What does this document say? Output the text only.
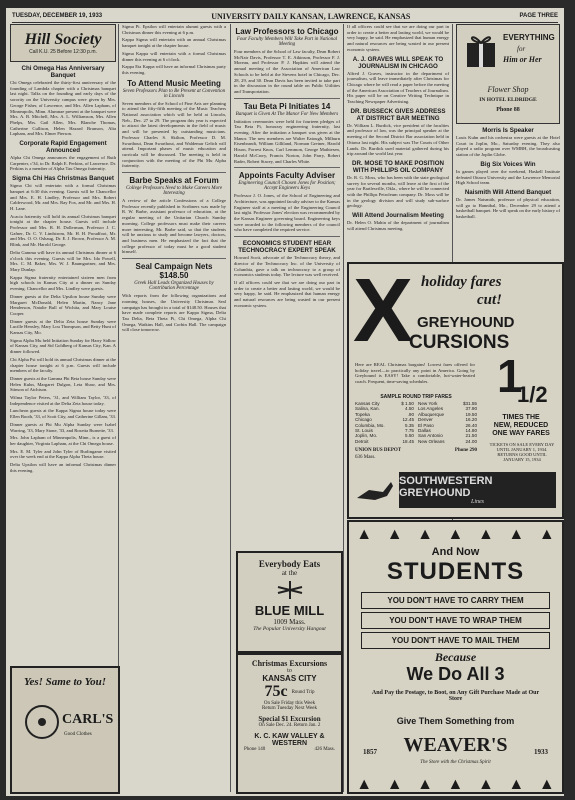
TUESDAY, DECEMBER 19, 1933	UNIVERSITY DAILY KANSAN, LAWRENCE, KANSAS	PAGE THREE
Hill Society
Call K.U. 25 Before 12:30 p.m.
Chi Omega Has Anniversary Banquet

Chi Omega celebrated the thirty-first anniversary of the founding of Lambda chapter with a Christmas banquet last night. Talks on the founding and early days of the sorority on the University campus were given by Mrs. George Fisher, of Lawrence, and Mrs. Allen Lapham, of Minneapolis, Minn. Alumnae present at the banquet were Mrs. A. B. Mitchell, Mrs. A. L. Williamson, Mrs. Allen Phelps, Mrs. Gail Allen, Mrs. Blanche Thomas, Catherine Cullison, Helen Hazard Brunson, Alta Lapham, and Mrs. Elmer Pierson.

Corporate Rapid Engagement Announced

Alpha Chi Omega announces the engagement of Ruth Carpenter, c'34, to Dr. Ralph E. Perkins, of Lawrence. Dr. Perkins is a member of Alpha Tau Omega fraternity.

Sigma Chi Has Christmas Banquet

Sigma Chi will entertain with a formal Christmas banquet at 6:30 this evening. Guests will be Chancellor and Mrs. E. H. Lindley, Professor and Mrs. Robert Calderwood, Mr. and Mrs. Ray Fox, and Mr. and Mrs. H. H. Lane.

Acacia fraternity will hold its annual Christmas banquet tonight at the chapter house. Guests will include Professor and Mrs. R. H. Dollerman, Professor J. C. Gafner, Dr. C. V. Lindstrom, Mr. H. H. Proudfoot, Mr. and Mrs. O. O. Oshaug, Dr. E. J. Brown, Professor A. M. Blink, and Mr. Harold George.

Delta Gamma will have its annual Christmas dinner at 6 o'clock this evening. Guests will be Mrs. Ida Powell, Mrs. C. M. Baker, Mrs. W. J. Baumgartner, and Mrs. Mary Dunlap.

Kappa Sigma fraternity entertained sixteen men from high schools in Kansas City at a dinner on Sunday evening. Chancellor and Mrs. Lindley were guests.

Dinner guests at the Delta Upsilon house Sunday were Margaret McDonald, Helen Martin, Nancy Jane Henderson, Natalie Bull of Wichita, and Mary Louise Cooper.

Dinner guests at the Delta Zeta house Sunday were Lucille Hensley, Mary Lou Thompson, and Betty Hunt of Kansas City, Mo.

Sigma Alpha Mu held Initiation Sunday for Harry Sidlow of Kansas City, and Sid Goldberg of Kansas City, Kan. A dinner followed.

Chi Alpha Psi will hold its annual Christmas dinner at the chapter house tonight at 6 p.m. Guests will include members of the faculty.

Dinner guests at the Gamma Phi Beta house Sunday were Helen Kuhn, Margaret Dulgon, Leta Shaw, and Mrs. Stinson of Atchison.

Wilma Taylor Peters, '31, and William Taylor, '33, of Independence visited at the Delta Zeta house today.

Luncheon guests at the Kappa Sigma house today were Ellen Booth, '33, of Scott City, and Catherine Gillam, '33.

Dinner guests at Phi Mu Alpha Sunday were Isabel Warring, '33, Mary Stone, '33, and Rosetta Burnette, '33.

Mrs. John Lapham of Minneapolis, Minn., is a guest of her daughter, Virginia Lapham, at the Chi Omega house.

Mrs. E. M. Tyler and John Tyler of Burlingame visited over the week end at the Kappa Alpha Theta house.

Delta Upsilon will have an informal Christmas dinner this evening.

Yes! Same to You!
CARL'S
Good Clothes

Sigma Pi. Epsilon will entertain alumni guests with a Christmas dinner this evening at 6 p.m.

Kappa Sigma will entertain with an annual Christmas banquet tonight at the chapter house.

Sigma Kappa will entertain with a formal Christmas dinner this evening at 6 o'clock.

Kappa Eta Kappa will have an informal Christmas party this evening.

To Attend Music Meeting
Seven Professors Plan to Be Present at Convention in Lincoln

Seven members of the School of Fine Arts are planning to attend the fifty-fifth meeting of the Music Teachers National association which will be held at Lincoln, Neb., Dec. 27 to 29. The program this year is expected to attract the latest developments in the field of music and will be presented by outstanding musicians. Professor Charles S. Skilton, Professor D. M. Swarthout, Dean Swarthout, and Waldemar Geltch will attend. Important phases of music education and curricula will be discussed. The meeting is held in conjunction with the meeting of the Phi Mu Alpha fraternity.

Barbe Speaks at Forum
College Professors Need to Make Careers More Interesting

A review of the article Confessions of a College Professor recently published in Scribners was made by R. W. Barbe, assistant professor of education, at the regular meeting of the Unitarian Church Sunday morning. College professors must make their careers more interesting, Mr. Barbe said, so that the students will be anxious to study and become lawyers, doctors, and business men. He emphasized the fact that the college professor of today must be a good student himself.

Seal Campaign Nets $148.50
Greek Hall Leads Organized Houses by Contribution Percentage

With reports from the following organizations and rooming houses, the University Christmas Seal campaign has brought in a total of $148.50. Houses that have made complete reports are Kappa Sigma, Delta Tau Delta, Beta Theta Pi, Chi Omega, Alpha Chi Omega, Watkins Hall, and Corbin Hall. The campaign will close tomorrow.

Everybody Eats
at the
BLUE MILL
1009 Mass.
The Popular University Hangout
Christmas Excursions
to
KANSAS CITY
75c Round Trip
On Sale Friday this Week
Return Tuesday Next Week
Special $1 Excursion
On Sale Dec. 24. Return Jan. 2
K. C. KAW VALLEY & WESTERN
Phone 140	426 Mass.
Law Professors to Chicago
Four Faculty Members Will Take Part in National Meeting

Four members of the School of Law faculty, Dean Robert McNair Davis, Professor T. E. Atkinson, Professor F. J. Moreau, and Professor P. J. Hopkins will attend the annual meeting of the Association of American Law Schools to be held at the Stevens hotel in Chicago, Dec. 28, 29, and 30. Dean Davis has been invited to take part in the discussion in the round table on Public Utilities and Transportation.

Tau Beta Pi Initiates 14
Banquet is Given At The Manor For New Members

Initiation ceremonies were held for fourteen pledges of Tau Beta Pi, honorary engineering fraternity, last evening. After the initiation a banquet was given at the Manor. The new members are Walter Eatough, Milburn Eisenbrandt, William Gilliland, Norman Greiner, Harold Hixon, Forrest Knox, Carl Lemmon, George Mathiesen, Harold McCrory, Francis Norton, John Parry, Robert Rader, Robert Stacey, and Charles White.

Appoints Faculty Adviser
Engineering Council Chosen Jones for Position; Accept Engineers Keys

Professor J. O. Jones, of the School of Engineering and Architecture, was appointed faculty adviser to the Kansas Engineer staff at a meeting of the Engineering Council last night. Professor Jones' election was recommended by the Kansas Engineer governing board. Engineering keys were awarded to the following members of the council who have completed the required service.

ECONOMICS STUDENT HEAR TECHNOCRACY EXPERT SPEAK

Howard Scott, advocate of the Technocracy theory, and director of the Technocracy Inc. of the University of Columbia, gave a talk on technocracy to a group of economics students today. The lecture was well received.

If all officers could see that we are doing our part in order to create a better and lasting world, we would be very happy, he said. He emphasized that human energy and natural resources are being wasted in our present economic system.

If all officers could see that we are doing our part in order to create a better and lasting world, we would be very happy, he said. He emphasized that human energy and natural resources are being wasted in our present economic system.

A. J. GRAVES WILL SPEAK TO JOURNALISM IN CHICAGO

Alfred J. Graves, instructor in the department of journalism, will leave immediately after Christmas for Chicago where he will read a paper before the meeting of the American Association of Teachers of Journalism. His paper will be on Creative Writing Technique in Teaching Newspaper Advertising.

DR. BUSSECK GIVES ADDRESS AT DISTRICT BAR MEETING

Dr. William L. Burdick, vice president of the faculties and professor of law, was the principal speaker at the meeting of the Second District Bar association held in Ottawa last night. His subject was The Courts of Other Lands. Dr. Burdick used material gathered during his trip around the world last year.

DR. MOSE TO MAKE POSITION WITH PHILLIPS OIL COMPANY

Dr. R. G. Moss, who has been with the state geological survey for several months, will leave at the first of the year for Bartlesville, Okla., where he will be connected with the Phillips Petroleum company. Dr. Moss will be in the geology division and will study sub-surface geology.

Will Attend Journalism Meeting

Dr. Helen O. Mahin of the department of journalism will attend Christmas meeting.

EVERYTHING
for
Him or Her
Flower Shop
IN HOTEL ELDRIDGE
Phone 88
Morris Is Speaker

Louis Kuhn and his orchestra were guests at the Hotel Court in Joplin, Mo., Saturday evening. They also played a radio program over WMBH, the broadcasting station of the Joplin Globe.

Big Six Voices Win

In games played over the weekend, Haskell Institute defeated Ottawa University and the Lawrence Memorial High School team.

Naismith Will Attend Banquet

Dr. James Naismith, professor of physical education, will go to Hannibal, Mo., December 29 to attend a basketball banquet. He will speak on the early history of basketball.

X holiday fares
cut!
GREYHOUND
CURSIONS

Here are REAL Christmas bargains! Lowest fares offered for holiday travel—to practically any point in America. Going by Greyhound is EASY! Take a comfortable, hot-water-heated coach. Frequent, time-saving schedules.

SAMPLE ROUND TRIP FARES
Kansas City	$ 1.50 New York	$31.55
Salina, Kan.	4.50 Los Angeles	37.90
Topeka	.90 Albuquerque	19.50
Chicago	12.45 Denver	16.20
Columbia, Mo.	5.35 El Paso	26.40
St. Louis	7.75 Dallas	14.80
Joplin, Mo.	5.50 San Antonio	21.50
Detroit	18.45 New Orleans	24.00
UNION BUS DEPOT	Phone 290
636 Mass.
1
1/2
TIMES THE
NEW, REDUCED
ONE WAY FARES
TICKETS ON SALE EVERY DAY UNTIL JANUARY 1, 1934. RETURNS GOOD UNTIL JANUARY 15, 1934
SOUTHWESTERN GREYHOUND
Lines
▲ ▲ ▲ ▲ ▲ ▲ ▲
And Now
STUDENTS
YOU DON'T HAVE TO CARRY THEM
YOU DON'T HAVE TO WRAP THEM
YOU DON'T HAVE TO MAIL THEM
Because
We Do All 3
And Pay the Postage, to Boot, on Any Gift Purchase Made at Our Store
Give Them Something from
1857	1933
WEAVER'S
The Store with the Christmas Spirit
▲ ▲ ▲ ▲ ▲ ▲ ▲
